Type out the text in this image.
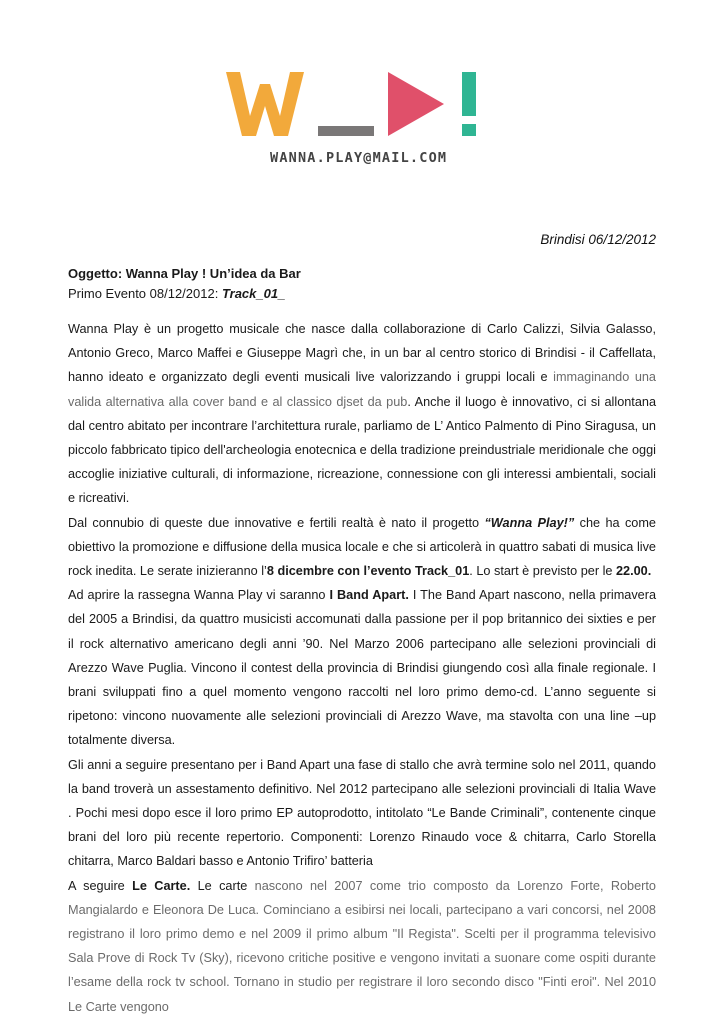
WANNA.PLAY@MAIL.COM
Brindisi 06/12/2012
Oggetto: Wanna Play ! Un’idea da Bar
Primo Evento 08/12/2012: Track_01_

Wanna Play è un progetto musicale che nasce dalla collaborazione di Carlo Calizzi, Silvia Galasso, Antonio Greco, Marco Maffei e Giuseppe Magrì che, in un bar al centro storico di Brindisi - il Caffellata, hanno ideato e organizzato degli eventi musicali live valorizzando i gruppi locali e immaginando una valida alternativa alla cover band e al classico djset da pub. Anche il luogo è innovativo, ci si allontana dal centro abitato per incontrare l’architettura rurale, parliamo de L’ Antico Palmento di Pino Siragusa, un piccolo fabbricato tipico dell'archeologia enotecnica e della tradizione preindustriale meridionale che oggi accoglie iniziative culturali, di informazione, ricreazione, connessione con gli interessi ambientali, sociali e ricreativi.

Dal connubio di queste due innovative e fertili realtà è nato il progetto “Wanna Play!” che ha come obiettivo la promozione e diffusione della musica locale e che si articolerà in quattro sabati di musica live rock inedita. Le serate inizieranno l’8 dicembre con l’evento Track_01. Lo start è previsto per le 22.00.

Ad aprire la rassegna Wanna Play vi saranno I Band Apart. I The Band Apart nascono, nella primavera del 2005 a Brindisi, da quattro musicisti accomunati dalla passione per il pop britannico dei sixties e per il rock alternativo americano degli anni ’90. Nel Marzo 2006 partecipano alle selezioni provinciali di Arezzo Wave Puglia. Vincono il contest della provincia di Brindisi giungendo così alla finale regionale. I brani sviluppati fino a quel momento vengono raccolti nel loro primo demo-cd. L’anno seguente si ripetono: vincono nuovamente alle selezioni provinciali di Arezzo Wave, ma stavolta con una line –up totalmente diversa.

Gli anni a seguire presentano per i Band Apart una fase di stallo che avrà termine solo nel 2011, quando la band troverà un assestamento definitivo. Nel 2012 partecipano alle selezioni provinciali di Italia Wave . Pochi mesi dopo esce il loro primo EP autoprodotto, intitolato “Le Bande Criminali”, contenente cinque brani del loro più recente repertorio. Componenti: Lorenzo Rinaudo voce & chitarra, Carlo Storella chitarra, Marco Baldari basso e Antonio Trifiro’ batteria

A seguire Le Carte. Le carte nascono nel 2007 come trio composto da Lorenzo Forte, Roberto Mangialardo e Eleonora De Luca. Cominciano a esibirsi nei locali, partecipano a vari concorsi, nel 2008 registrano il loro primo demo e nel 2009 il primo album "Il Regista". Scelti per il programma televisivo Sala Prove di Rock Tv (Sky), ricevono critiche positive e vengono invitati a suonare come ospiti durante l’esame della rock tv school. Tornano in studio per registrare il loro secondo disco "Finti eroi". Nel 2010 Le Carte vengono
